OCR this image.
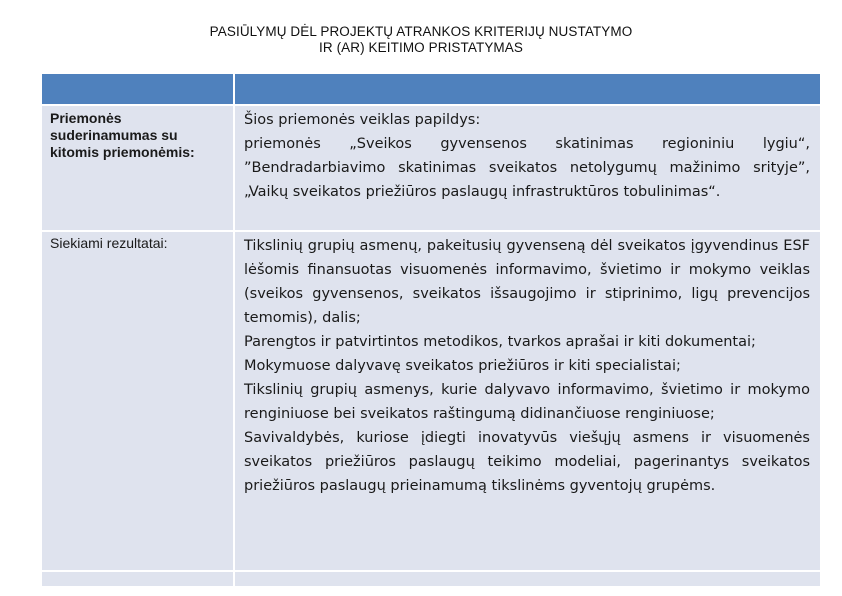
PASIŪLYMŲ DĖL PROJEKTŲ ATRANKOS KRITERIJŲ NUSTATYMO
IR (AR) KEITIMO PRISTATYMAS

Priemonės suderinamumas su kitomis priemonėmis:	Šios priemonės veiklas papildys:

priemonės „Sveikos gyvensenos skatinimas regioniniu lygiu“, ”Bendradarbiavimo skatinimas sveikatos netolygumų mažinimo srityje”, „Vaikų sveikatos priežiūros paslaugų infrastruktūros tobulinimas“.

Siekiami rezultatai:	Tikslinių grupių asmenų, pakeitusių gyvenseną dėl sveikatos įgyvendinus ESF lėšomis finansuotas visuomenės informavimo, švietimo ir mokymo veiklas (sveikos gyvensenos, sveikatos išsaugojimo ir stiprinimo, ligų prevencijos temomis), dalis;

Parengtos ir patvirtintos metodikos, tvarkos aprašai ir kiti dokumentai;

Mokymuose dalyvavę sveikatos priežiūros ir kiti specialistai;

Tikslinių grupių asmenys, kurie dalyvavo informavimo, švietimo ir mokymo renginiuose bei sveikatos raštingumą didinančiuose renginiuose;

Savivaldybės, kuriose įdiegti inovatyvūs viešųjų asmens ir visuomenės sveikatos priežiūros paslaugų teikimo modeliai, pagerinantys sveikatos priežiūros paslaugų prieinamumą tikslinėms gyventojų grupėms.
